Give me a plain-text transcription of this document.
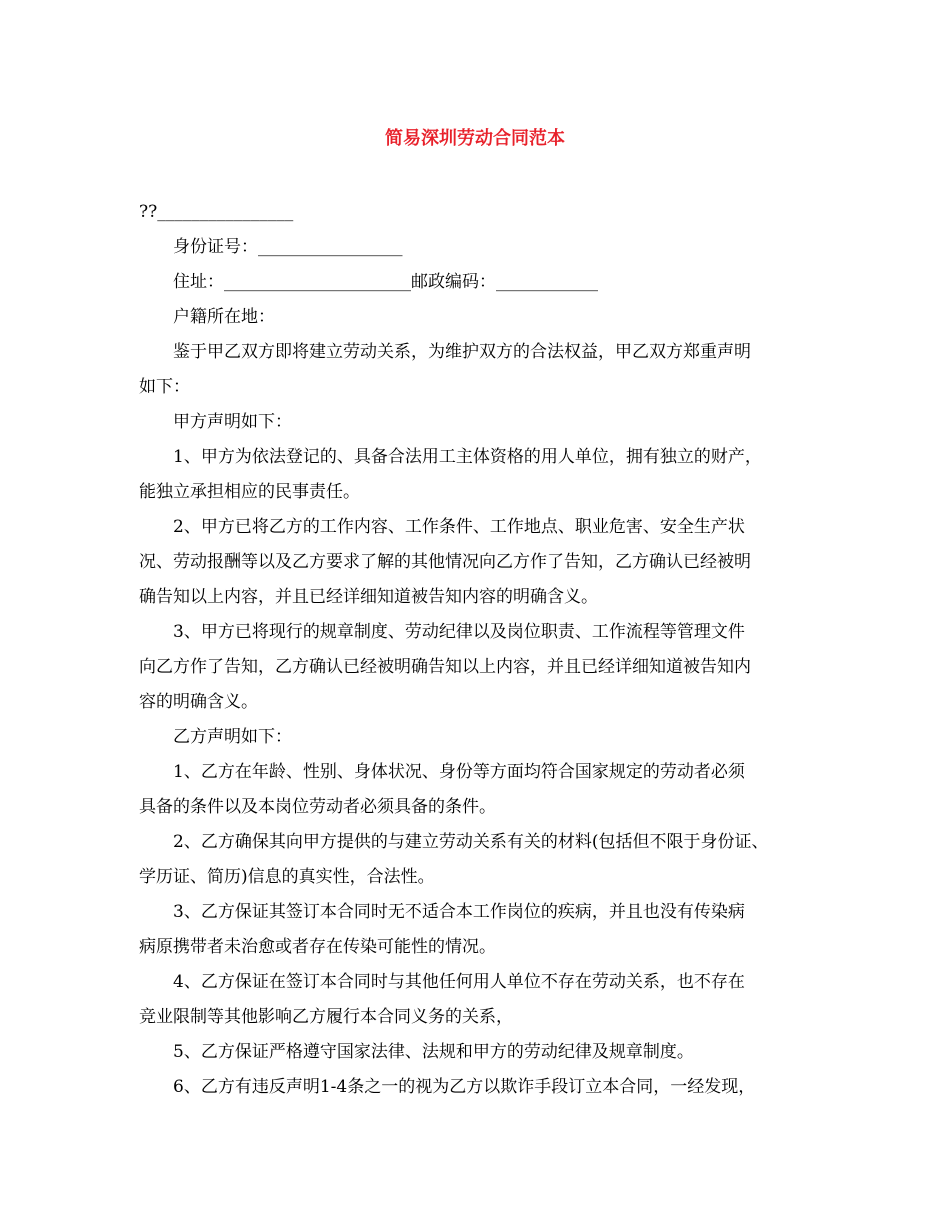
简易深圳劳动合同范本

??________________

身份证号：_________________

住址：______________________邮政编码：____________

户籍所在地：

鉴于甲乙双方即将建立劳动关系，为维护双方的合法权益，甲乙双方郑重声明

如下：

甲方声明如下：

1、甲方为依法登记的、具备合法用工主体资格的用人单位，拥有独立的财产，

能独立承担相应的民事责任。

2、甲方已将乙方的工作内容、工作条件、工作地点、职业危害、安全生产状

况、劳动报酬等以及乙方要求了解的其他情况向乙方作了告知，乙方确认已经被明

确告知以上内容，并且已经详细知道被告知内容的明确含义。

3、甲方已将现行的规章制度、劳动纪律以及岗位职责、工作流程等管理文件

向乙方作了告知，乙方确认已经被明确告知以上内容，并且已经详细知道被告知内

容的明确含义。

乙方声明如下：

1、乙方在年龄、性别、身体状况、身份等方面均符合国家规定的劳动者必须

具备的条件以及本岗位劳动者必须具备的条件。

2、乙方确保其向甲方提供的与建立劳动关系有关的材料(包括但不限于身份证、

学历证、简历)信息的真实性，合法性。

3、乙方保证其签订本合同时无不适合本工作岗位的疾病，并且也没有传染病

病原携带者未治愈或者存在传染可能性的情况。

4、乙方保证在签订本合同时与其他任何用人单位不存在劳动关系，也不存在

竞业限制等其他影响乙方履行本合同义务的关系，

5、乙方保证严格遵守国家法律、法规和甲方的劳动纪律及规章制度。

6、乙方有违反声明1-4条之一的视为乙方以欺诈手段订立本合同，一经发现，
